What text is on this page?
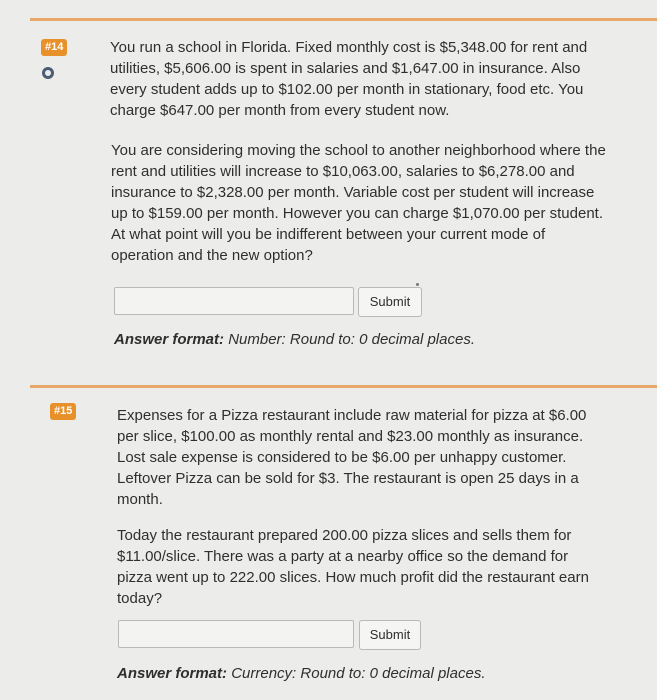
#14	You run a school in Florida. Fixed monthly cost is $5,348.00 for rent and utilities, $5,606.00 is spent in salaries and $1,647.00 in insurance. Also every student adds up to $102.00 per month in stationary, food etc. You charge $647.00 per month from every student now.

You are considering moving the school to another neighborhood where the rent and utilities will increase to $10,063.00, salaries to $6,278.00 and insurance to $2,328.00 per month. Variable cost per student will increase up to $159.00 per month. However you can charge $1,070.00 per student. At what point will you be indifferent between your current mode of operation and the new option?

Submit
Answer format: Number: Round to: 0 decimal places.
#15	Expenses for a Pizza restaurant include raw material for pizza at $6.00 per slice, $100.00 as monthly rental and $23.00 monthly as insurance. Lost sale expense is considered to be $6.00 per unhappy customer. Leftover Pizza can be sold for $3. The restaurant is open 25 days in a month.

Today the restaurant prepared 200.00 pizza slices and sells them for $11.00/slice. There was a party at a nearby office so the demand for pizza went up to 222.00 slices. How much profit did the restaurant earn today?

Submit
Answer format: Currency: Round to: 0 decimal places.
